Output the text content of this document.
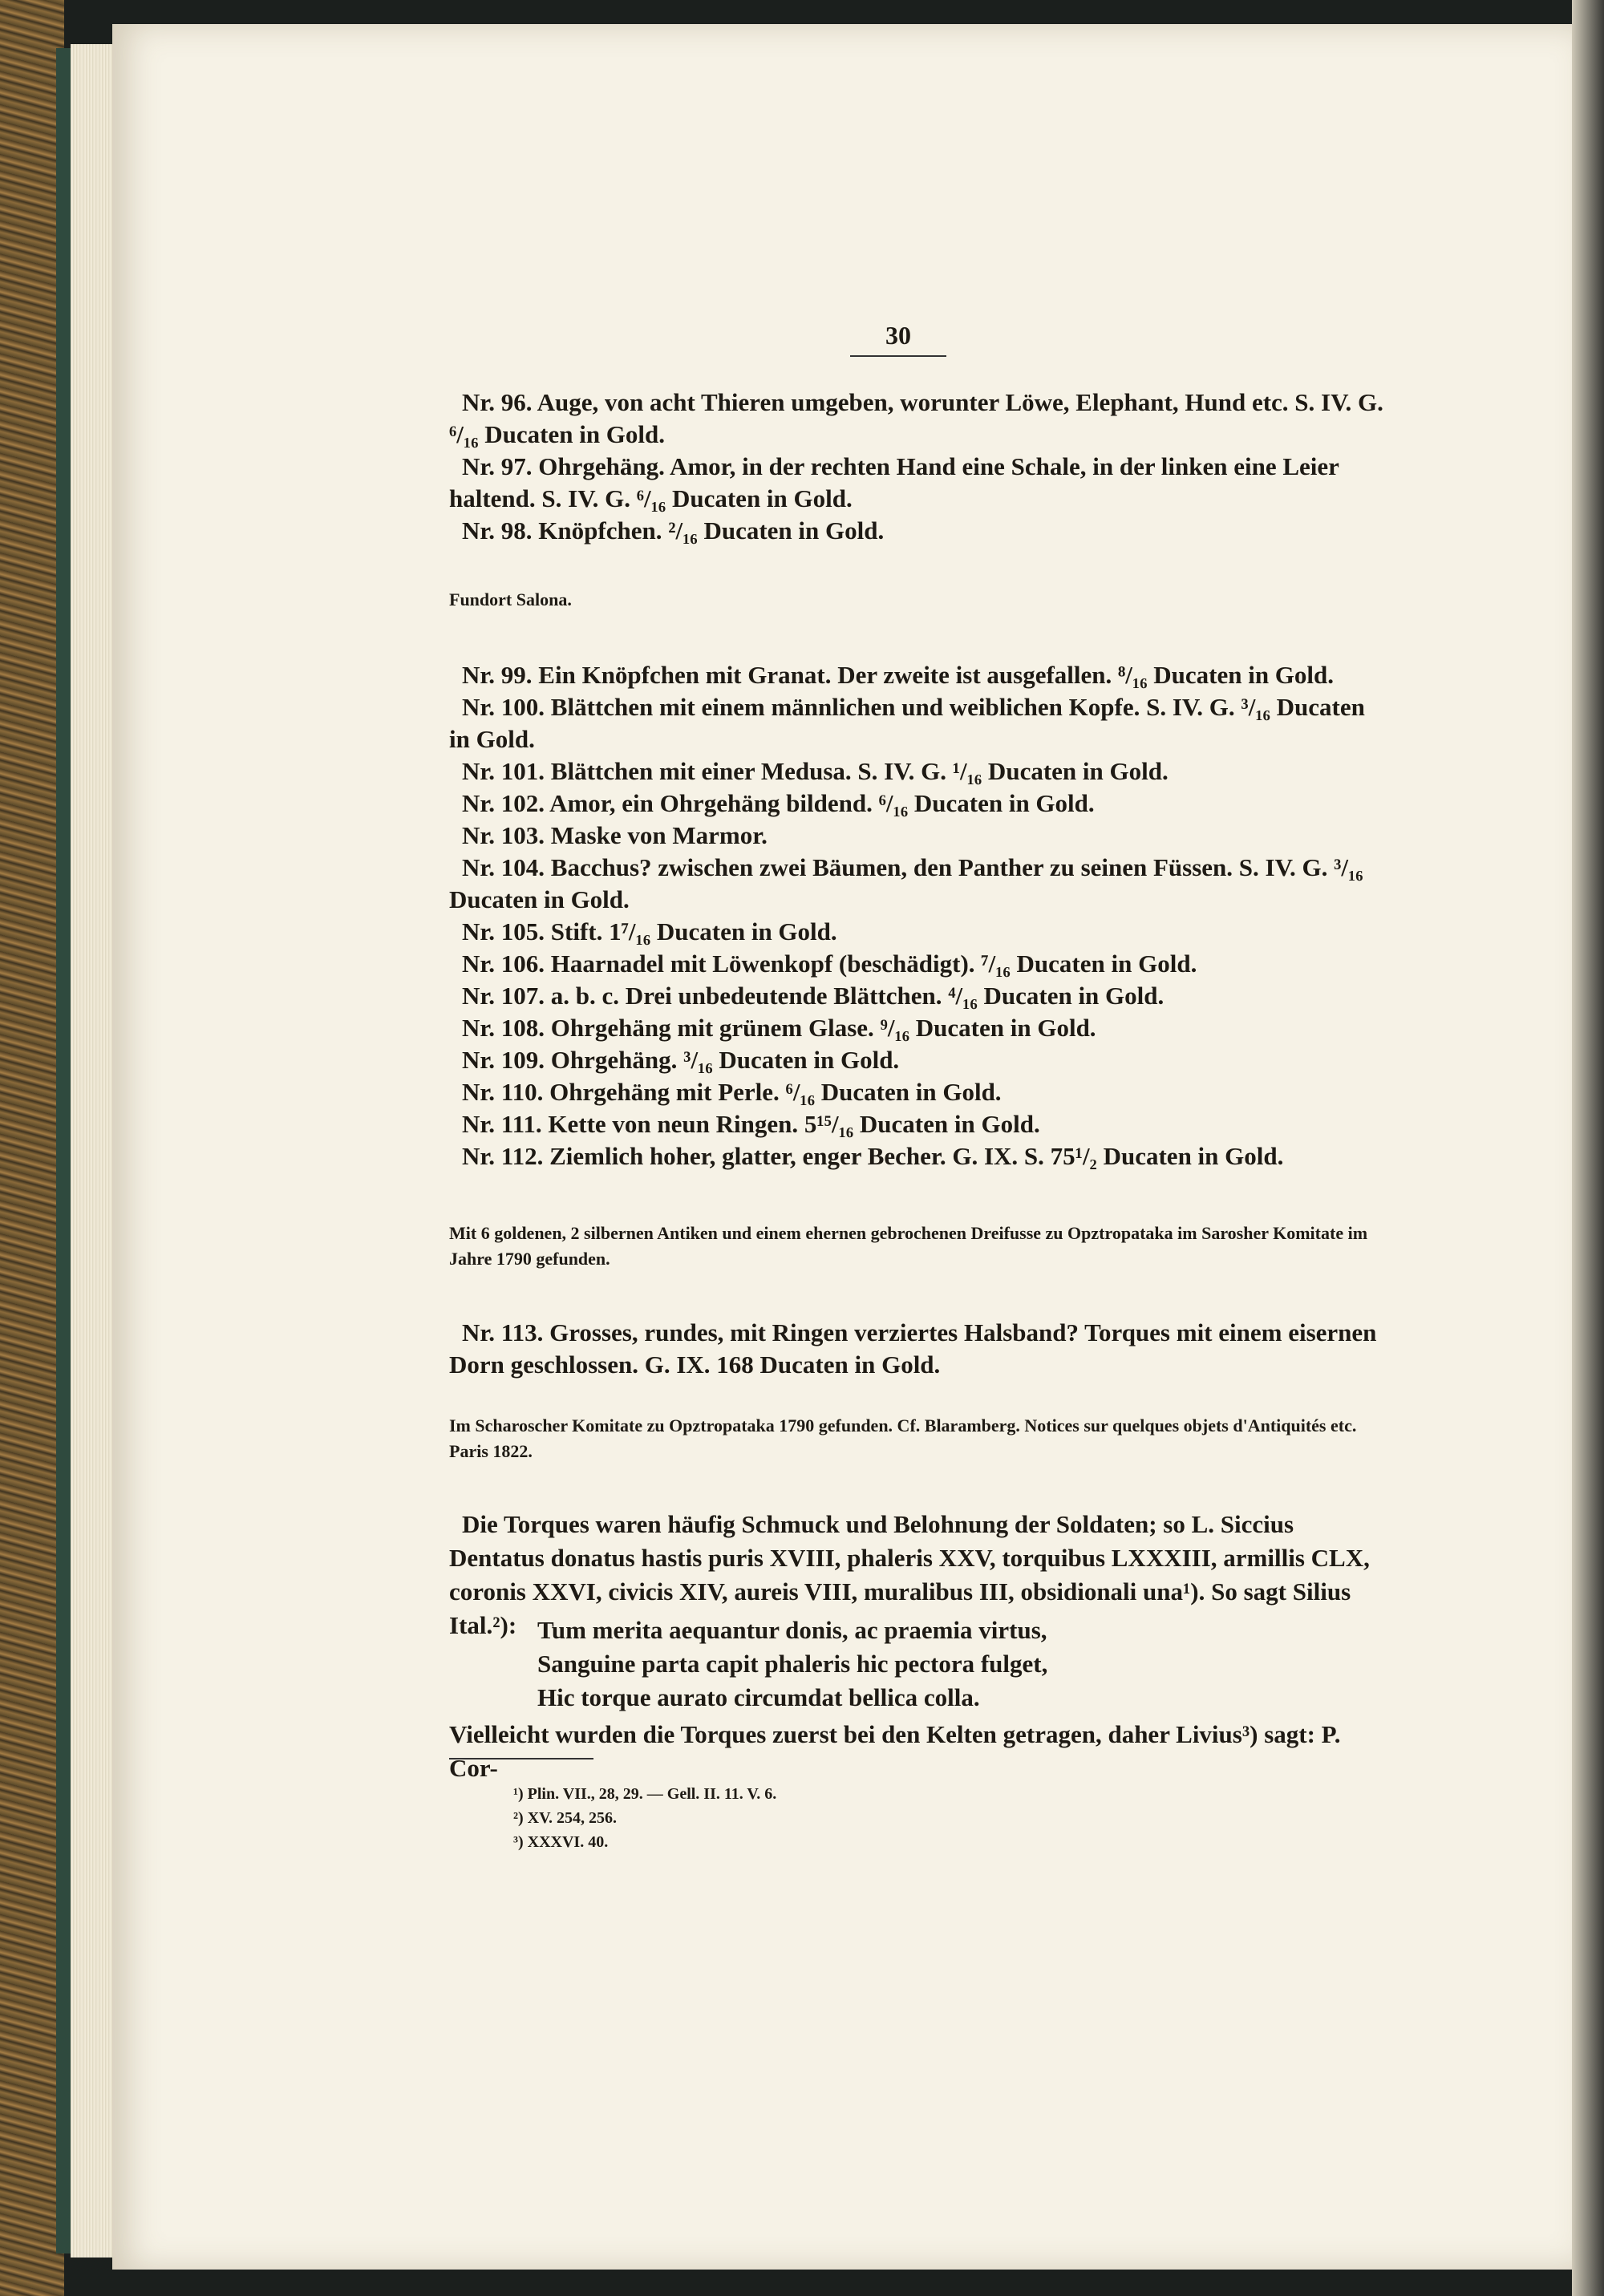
30

Nr. 96. Auge, von acht Thieren umgeben, worunter Löwe, Elephant, Hund etc. S. IV. G. ⁶/₁₆ Ducaten in Gold.

Nr. 97. Ohrgehäng. Amor, in der rechten Hand eine Schale, in der linken eine Leier haltend. S. IV. G. ⁶/₁₆ Ducaten in Gold.

Nr. 98. Knöpfchen. ²/₁₆ Ducaten in Gold.

Fundort Salona.

Nr. 99. Ein Knöpfchen mit Granat. Der zweite ist ausgefallen. ⁸/₁₆ Ducaten in Gold.

Nr. 100. Blättchen mit einem männlichen und weiblichen Kopfe. S. IV. G. ³/₁₆ Ducaten in Gold.

Nr. 101. Blättchen mit einer Medusa. S. IV. G. ¹/₁₆ Ducaten in Gold.

Nr. 102. Amor, ein Ohrgehäng bildend. ⁶/₁₆ Ducaten in Gold.

Nr. 103. Maske von Marmor.

Nr. 104. Bacchus? zwischen zwei Bäumen, den Panther zu seinen Füssen. S. IV. G. ³/₁₆ Ducaten in Gold.

Nr. 105. Stift. 1⁷/₁₆ Ducaten in Gold.

Nr. 106. Haarnadel mit Löwenkopf (beschädigt). ⁷/₁₆ Ducaten in Gold.

Nr. 107. a. b. c. Drei unbedeutende Blättchen. ⁴/₁₆ Ducaten in Gold.

Nr. 108. Ohrgehäng mit grünem Glase. ⁹/₁₆ Ducaten in Gold.

Nr. 109. Ohrgehäng. ³/₁₆ Ducaten in Gold.

Nr. 110. Ohrgehäng mit Perle. ⁶/₁₆ Ducaten in Gold.

Nr. 111. Kette von neun Ringen. 5¹⁵/₁₆ Ducaten in Gold.

Nr. 112. Ziemlich hoher, glatter, enger Becher. G. IX. S. 75¹/₂ Ducaten in Gold.

Mit 6 goldenen, 2 silbernen Antiken und einem ehernen gebrochenen Dreifusse zu Opztropataka im Sarosher Komitate im Jahre 1790 gefunden.
Nr. 113. Grosses, rundes, mit Ringen verziertes Halsband? Torques mit einem eisernen Dorn geschlossen. G. IX. 168 Ducaten in Gold.
Im Scharoscher Komitate zu Opztropataka 1790 gefunden. Cf. Blaramberg. Notices sur quelques objets d'Antiquités etc. Paris 1822.
Die Torques waren häufig Schmuck und Belohnung der Soldaten; so L. Siccius Dentatus donatus hastis puris XVIII, phaleris XXV, torquibus LXXXIII, armillis CLX, coronis XXVI, civicis XIV, aureis VIII, muralibus III, obsidionali una¹). So sagt Silius Ital.²): Tum merita aequantur donis, ac praemia virtus,
Sanguine parta capit phaleris hic pectora fulget,
Hic torque aurato circumdat bellica colla.
Vielleicht wurden die Torques zuerst bei den Kelten getragen, daher Livius³) sagt: P. Cor-
¹) Plin. VII., 28, 29. — Gell. II. 11. V. 6.
²) XV. 254, 256.
³) XXXVI. 40.
